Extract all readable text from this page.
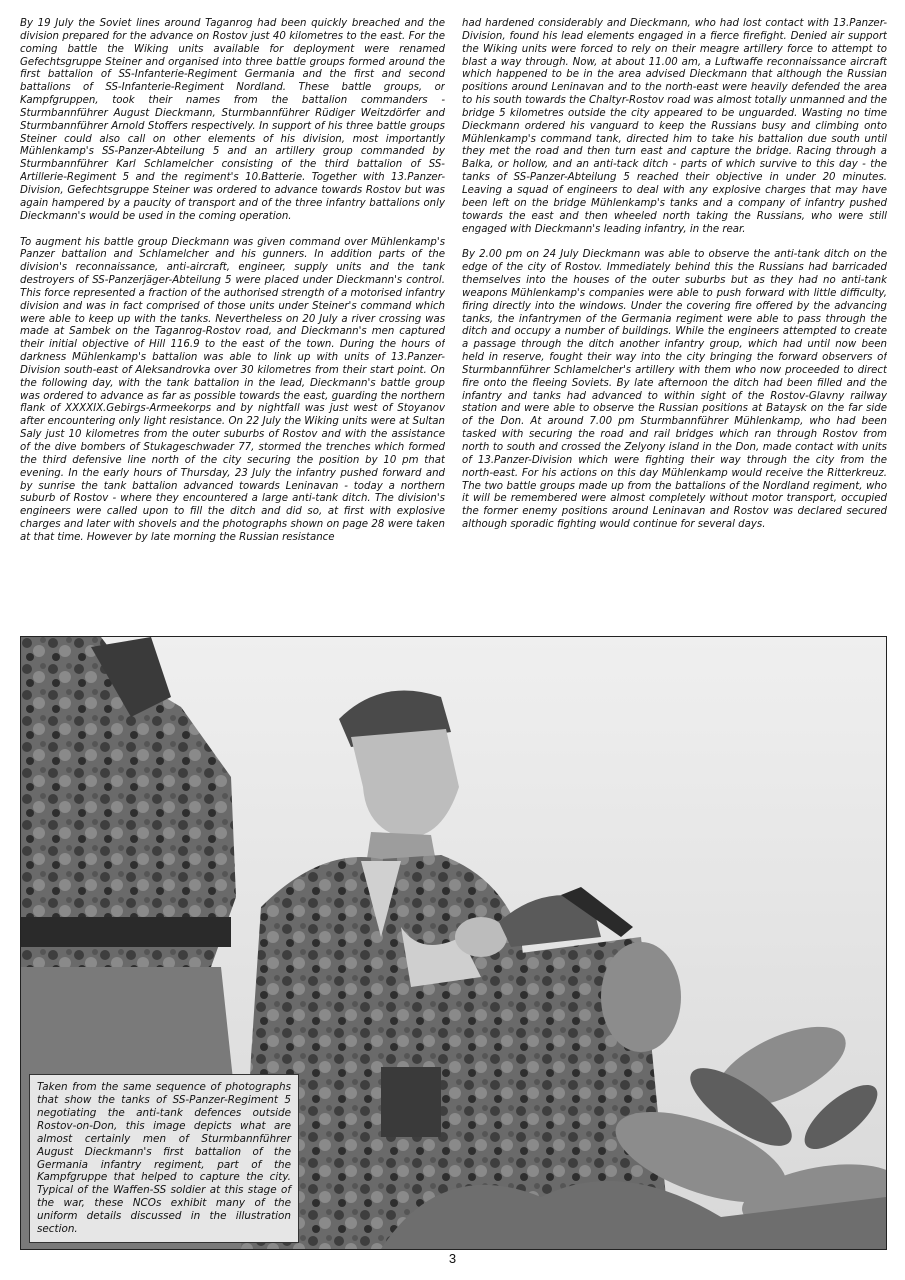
By 19 July the Soviet lines around Taganrog had been quickly breached and the division prepared for the advance on Rostov just 40 kilometres to the east. For the coming battle the Wiking units available for deployment were renamed Gefechtsgruppe Steiner and organised into three battle groups formed around the first battalion of SS-Infanterie-Regiment Germania and the first and second battalions of SS-Infanterie-Regiment Nordland. These battle groups, or Kampfgruppen, took their names from the battalion commanders - Sturmbannführer August Dieckmann, Sturmbannführer Rüdiger Weitzdörfer and Sturmbannführer Arnold Stoffers respectively. In support of his three battle groups Steiner could also call on other elements of his division, most importantly Mühlenkamp's SS-Panzer-Abteilung 5 and an artillery group commanded by Sturmbannführer Karl Schlamelcher consisting of the third battalion of SS-Artillerie-Regiment 5 and the regiment's 10.Batterie. Together with 13.Panzer-Division, Gefechtsgruppe Steiner was ordered to advance towards Rostov but was again hampered by a paucity of transport and of the three infantry battalions only Dieckmann's would be used in the coming operation.

To augment his battle group Dieckmann was given command over Mühlenkamp's Panzer battalion and Schlamelcher and his gunners. In addition parts of the division's reconnaissance, anti-aircraft, engineer, supply units and the tank destroyers of SS-Panzerjäger-Abteilung 5 were placed under Dieckmann's control. This force represented a fraction of the authorised strength of a motorised infantry division and was in fact comprised of those units under Steiner's command which were able to keep up with the tanks. Nevertheless on 20 July a river crossing was made at Sambek on the Taganrog-Rostov road, and Dieckmann's men captured their initial objective of Hill 116.9 to the east of the town. During the hours of darkness Mühlenkamp's battalion was able to link up with units of 13.Panzer-Division south-east of Aleksandrovka over 30 kilometres from their start point. On the following day, with the tank battalion in the lead, Dieckmann's battle group was ordered to advance as far as possible towards the east, guarding the northern flank of XXXXIX.Gebirgs-Armeekorps and by nightfall was just west of Stoyanov after encountering only light resistance. On 22 July the Wiking units were at Sultan Saly just 10 kilometres from the outer suburbs of Rostov and with the assistance of the dive bombers of Stukageschwader 77, stormed the trenches which formed the third defensive line north of the city securing the position by 10 pm that evening. In the early hours of Thursday, 23 July the infantry pushed forward and by sunrise the tank battalion advanced towards Leninavan - today a northern suburb of Rostov - where they encountered a large anti-tank ditch. The division's engineers were called upon to fill the ditch and did so, at first with explosive charges and later with shovels and the photographs shown on page 28 were taken at that time. However by late morning the Russian resistance

had hardened considerably and Dieckmann, who had lost contact with 13.Panzer-Division, found his lead elements engaged in a fierce firefight. Denied air support the Wiking units were forced to rely on their meagre artillery force to attempt to blast a way through. Now, at about 11.00 am, a Luftwaffe reconnaissance aircraft which happened to be in the area advised Dieckmann that although the Russian positions around Leninavan and to the north-east were heavily defended the area to his south towards the Chaltyr-Rostov road was almost totally unmanned and the bridge 5 kilometres outside the city appeared to be unguarded. Wasting no time Dieckmann ordered his vanguard to keep the Russians busy and climbing onto Mühlenkamp's command tank, directed him to take his battalion due south until they met the road and then turn east and capture the bridge. Racing through a Balka, or hollow, and an anti-tack ditch - parts of which survive to this day - the tanks of SS-Panzer-Abteilung 5 reached their objective in under 20 minutes. Leaving a squad of engineers to deal with any explosive charges that may have been left on the bridge Mühlenkamp's tanks and a company of infantry pushed towards the east and then wheeled north taking the Russians, who were still engaged with Dieckmann's leading infantry, in the rear.

By 2.00 pm on 24 July Dieckmann was able to observe the anti-tank ditch on the edge of the city of Rostov. Immediately behind this the Russians had barricaded themselves into the houses of the outer suburbs but as they had no anti-tank weapons Mühlenkamp's companies were able to push forward with little difficulty, firing directly into the windows. Under the covering fire offered by the advancing tanks, the infantrymen of the Germania regiment were able to pass through the ditch and occupy a number of buildings. While the engineers attempted to create a passage through the ditch another infantry group, which had until now been held in reserve, fought their way into the city bringing the forward observers of Sturmbannführer Schlamelcher's artillery with them who now proceeded to direct fire onto the fleeing Soviets. By late afternoon the ditch had been filled and the infantry and tanks had advanced to within sight of the Rostov-Glavny railway station and were able to observe the Russian positions at Bataysk on the far side of the Don. At around 7.00 pm Sturmbannführer Mühlenkamp, who had been tasked with securing the road and rail bridges which ran through Rostov from north to south and crossed the Zelyony island in the Don, made contact with units of 13.Panzer-Division which were fighting their way through the city from the north-east. For his actions on this day Mühlenkamp would receive the Ritterkreuz. The two battle groups made up from the battalions of the Nordland regiment, who it will be remembered were almost completely without motor transport, occupied the former enemy positions around Leninavan and Rostov was declared secured although sporadic fighting would continue for several days.

Taken from the same sequence of photographs that show the tanks of SS-Panzer-Regiment 5 negotiating the anti-tank defences outside Rostov-on-Don, this image depicts what are almost certainly men of Sturmbannführer August Dieckmann's first battalion of the Germania infantry regiment, part of the Kampfgruppe that helped to capture the city. Typical of the Waffen-SS soldier at this stage of the war, these NCOs exhibit many of the uniform details discussed in the illustration section.
3
